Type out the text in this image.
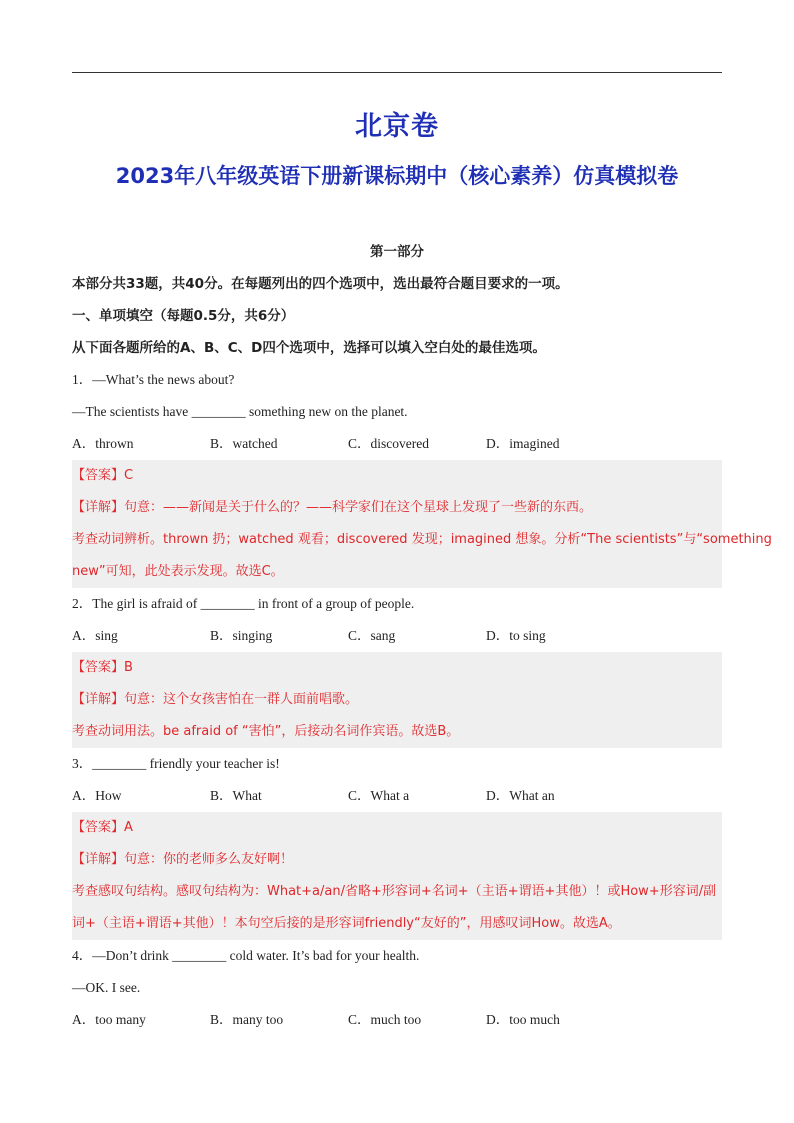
北京卷
2023年八年级英语下册新课标期中（核心素养）仿真模拟卷
第一部分
本部分共33题，共40分。在每题列出的四个选项中，选出最符合题目要求的一项。
一、单项填空（每题0.5分，共6分）
从下面各题所给的A、B、C、D四个选项中，选择可以填入空白处的最佳选项。
1．—What’s the news about?
—The scientists have ________ something new on the planet.
A．thrown	B．watched	C．discovered	D．imagined
【答案】C
【详解】句意：——新闻是关于什么的？——科学家们在这个星球上发现了一些新的东西。
考查动词辨析。thrown 扔；watched 观看；discovered 发现；imagined 想象。分析“The scientists”与“something
new”可知，此处表示发现。故选C。
2．The girl is afraid of ________ in front of a group of people.
A．sing	B．singing	C．sang	D．to sing
【答案】B
【详解】句意：这个女孩害怕在一群人面前唱歌。
考查动词用法。be afraid of “害怕”，后接动名词作宾语。故选B。
3．________ friendly your teacher is!
A．How	B．What	C．What a	D．What an
【答案】A
【详解】句意：你的老师多么友好啊！
考查感叹句结构。感叹句结构为：What+a/an/省略+形容词+名词+（主语+谓语+其他）！或How+形容词/副
词+（主语+谓语+其他）！本句空后接的是形容词friendly“友好的”，用感叹词How。故选A。
4．—Don’t drink ________ cold water. It’s bad for your health.
—OK. I see.
A．too many	B．many too	C．much too	D．too much
